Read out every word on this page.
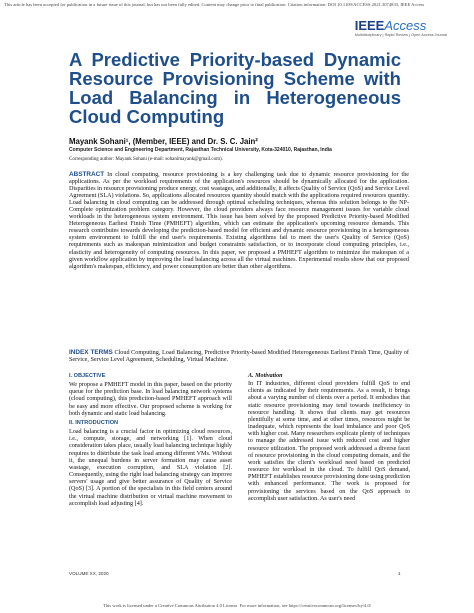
This article has been accepted for publication in a future issue of this journal, but has not been fully edited. Content may change prior to final publication. Citation information: DOI 10.1109/ACCESS.2021.3074833, IEEE Access
IEEEAccess
Multidisciplinary | Rapid Review | Open Access Journal
A Predictive Priority-based Dynamic Resource Provisioning Scheme with Load Balancing in Heterogeneous Cloud Computing
Mayank Sohani¹, (Member, IEEE) and Dr. S. C. Jain²
Computer Science and Engineering Department, Rajasthan Technical University, Kota-324010, Rajasthan, India
Corresponding author: Mayank Sohani (e-mail: sohanimayank@gmail.com).
ABSTRACT In cloud computing, resource provisioning is a key challenging task due to dynamic resource provisioning for the applications. As per the workload requirements of the application's resources should be dynamically allocated for the application. Disparities in resource provisioning produce energy, cost wastages, and additionally, it affects Quality of Service (QoS) and Service Level Agreement (SLA) violations. So, applications allocated resources quantity should match with the applications required resources quantity. Load balancing in cloud computing can be addressed through optimal scheduling techniques, whereas this solution belongs to the NP-Complete optimization problem category. However, the cloud providers always face resource management issues for variable cloud workloads in the heterogeneous system environment. This issue has been solved by the proposed Predictive Priority-based Modified Heterogeneous Earliest Finish Time (PMHEFT) algorithm, which can estimate the application's upcoming resource demands. This research contributes towards developing the prediction-based model for efficient and dynamic resource provisioning in a heterogeneous system environment to fulfill the end user's requirements. Existing algorithms fail to meet the user's Quality of Service (QoS) requirements such as makespan minimization and budget constraints satisfaction, or to incorporate cloud computing principles, i.e., elasticity and heterogeneity of computing resources. In this paper, we proposed a PMHEFT algorithm to minimize the makespan of a given workflow application by improving the load balancing across all the virtual machines. Experimental results show that our proposed algorithm's makespan, efficiency, and power consumption are better than other algorithms.
INDEX TERMS Cloud Computing, Load Balancing, Predictive Priority-based Modified Heterogeneous Earliest Finish Time, Quality of Service, Service Level Agreement, Scheduling, Virtual Machine.
I. OBJECTIVE

We propose a PMHEFT model in this paper, based on the priority queue for the prediction base. In load balancing network systems (cloud computing), this prediction-based PMHEFT approach will be easy and more effective. Our proposed scheme is working for both dynamic and static load balancing.

II. INTRODUCTION

Load balancing is a crucial factor in optimizing cloud resources, i.e., compute, storage, and networking [1]. When cloud consideration takes place, usually load balancing technique highly requires to distribute the task load among different VMs. Without it, the unequal burdens in server formation may cause asset wastage, execution corruption, and SLA violation [2]. Consequently, using the right load balancing strategy can improve servers' usage and give better assurance of Quality of Service (QoS) [3]. A portion of the specialists in this field centers around the virtual machine distribution or virtual machine movement to accomplish load adjusting [4].

A. Motivation

In IT industries, different cloud providers fulfill QoS to end clients as indicated by their requirements. As a result, it brings about a varying number of clients over a period. It embodies that static resource provisioning may tend towards inefficiency to resource handling. It shows that clients may get resources plentifully at some time, and at other times, resources might be inadequate, which represents the load imbalance and poor QoS with higher cost. Many researchers explicate plenty of techniques to manage the addressed issue with reduced cost and higher resource utilization. The proposed work addressed a diverse facet of resource provisioning in the cloud computing domain, and the work satisfies the client's workload need based on predicted resource for workload in the cloud. To fulfill QoS demand, PMHEFT establishes resource provisioning done using prediction with enhanced performance. The work is proposed for provisioning the services based on the QoS approach to accomplish user satisfaction. As user's need

VOLUME XX, 2020	1
This work is licensed under a Creative Commons Attribution 4.0 License. For more information, see https://creativecommons.org/licenses/by/4.0/
